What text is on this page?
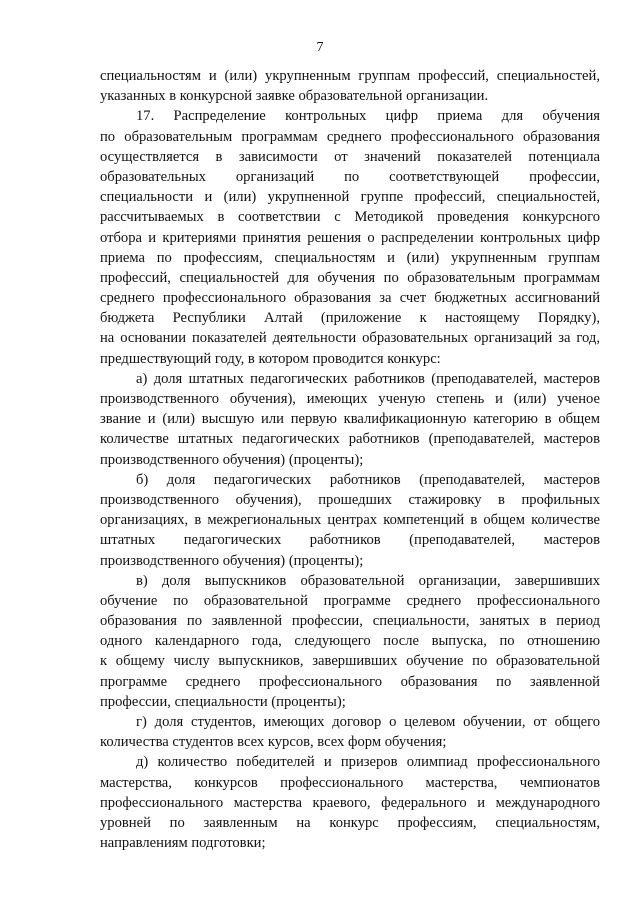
7
специальностям и (или) укрупненным группам профессий, специальностей,
указанных в конкурсной заявке образовательной организации.
17. Распределение контрольных цифр приема для обучения
по образовательным программам среднего профессионального образования
осуществляется в зависимости от значений показателей потенциала
образовательных организаций по соответствующей профессии,
специальности и (или) укрупненной группе профессий, специальностей,
рассчитываемых в соответствии с Методикой проведения конкурсного
отбора и критериями принятия решения о распределении контрольных цифр
приема по профессиям, специальностям и (или) укрупненным группам
профессий, специальностей для обучения по образовательным программам
среднего профессионального образования за счет бюджетных ассигнований
бюджета Республики Алтай (приложение к настоящему Порядку),
на основании показателей деятельности образовательных организаций за год,
предшествующий году, в котором проводится конкурс:
а) доля штатных педагогических работников (преподавателей, мастеров
производственного обучения), имеющих ученую степень и (или) ученое
звание и (или) высшую или первую квалификационную категорию в общем
количестве штатных педагогических работников (преподавателей, мастеров
производственного обучения) (проценты);
б) доля педагогических работников (преподавателей, мастеров
производственного обучения), прошедших стажировку в профильных
организациях, в межрегиональных центрах компетенций в общем количестве
штатных педагогических работников (преподавателей, мастеров
производственного обучения) (проценты);
в) доля выпускников образовательной организации, завершивших
обучение по образовательной программе среднего профессионального
образования по заявленной профессии, специальности, занятых в период
одного календарного года, следующего после выпуска, по отношению
к общему числу выпускников, завершивших обучение по образовательной
программе среднего профессионального образования по заявленной
профессии, специальности (проценты);
г) доля студентов, имеющих договор о целевом обучении, от общего
количества студентов всех курсов, всех форм обучения;
д) количество победителей и призеров олимпиад профессионального
мастерства, конкурсов профессионального мастерства, чемпионатов
профессионального мастерства краевого, федерального и международного
уровней по заявленным на конкурс профессиям, специальностям,
направлениям подготовки;
